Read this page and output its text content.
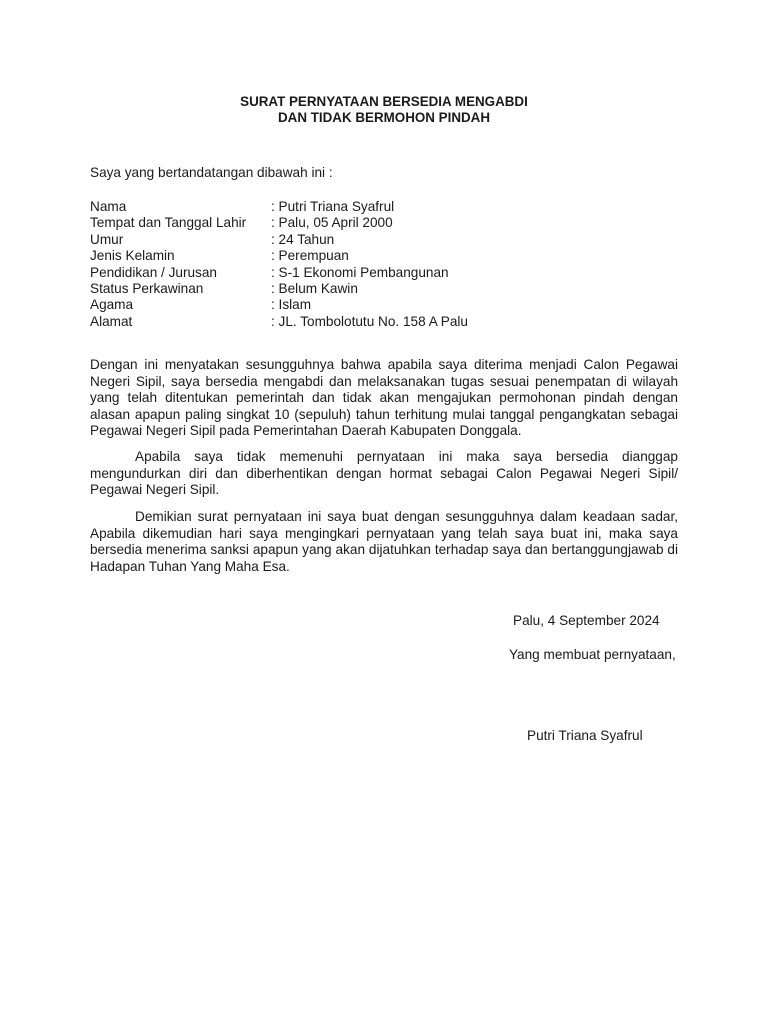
SURAT PERNYATAAN BERSEDIA MENGABDI
DAN TIDAK BERMOHON PINDAH
Saya yang bertandatangan dibawah ini :
Nama	: Putri Triana Syafrul
Tempat dan Tanggal Lahir	: Palu, 05 April 2000
Umur	: 24 Tahun
Jenis Kelamin	: Perempuan
Pendidikan / Jurusan	: S-1 Ekonomi Pembangunan
Status Perkawinan	: Belum Kawin
Agama	: Islam
Alamat	: JL. Tombolotutu No. 158 A Palu

Dengan ini menyatakan sesungguhnya bahwa apabila saya diterima menjadi Calon Pegawai Negeri Sipil, saya bersedia mengabdi dan melaksanakan tugas sesuai penempatan di wilayah yang telah ditentukan pemerintah dan tidak akan mengajukan permohonan pindah dengan alasan apapun paling singkat 10 (sepuluh) tahun terhitung mulai tanggal pengangkatan sebagai Pegawai Negeri Sipil pada Pemerintahan Daerah Kabupaten Donggala.

Apabila saya tidak memenuhi pernyataan ini maka saya bersedia dianggap mengundurkan diri dan diberhentikan dengan hormat sebagai Calon Pegawai Negeri Sipil/ Pegawai Negeri Sipil.

Demikian surat pernyataan ini saya buat dengan sesungguhnya dalam keadaan sadar, Apabila dikemudian hari saya mengingkari pernyataan yang telah saya buat ini, maka saya bersedia menerima sanksi apapun yang akan dijatuhkan terhadap saya dan bertanggungjawab di Hadapan Tuhan Yang Maha Esa.

Palu, 4 September 2024
Yang membuat pernyataan,
Putri Triana Syafrul
